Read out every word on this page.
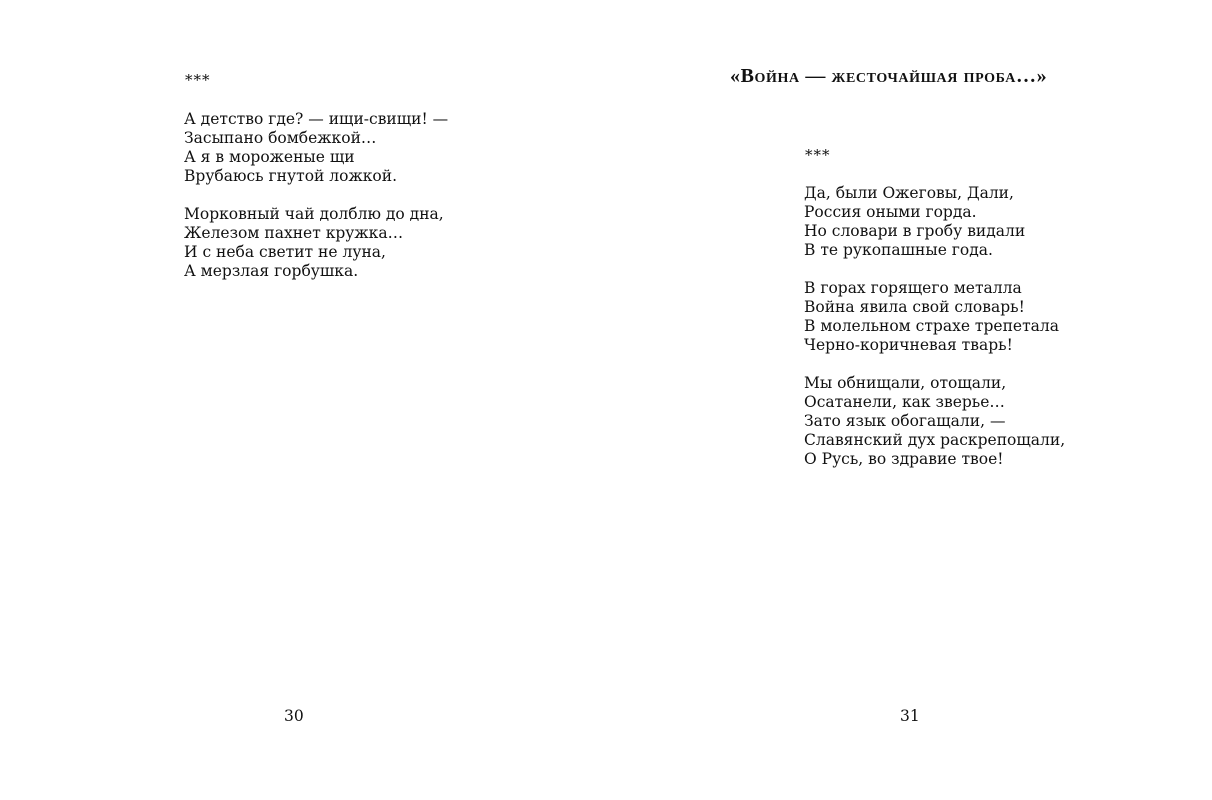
***
А детство где? — ищи-свищи! —
Засыпано бомбежкой…
А я в мороженые щи
Врубаюсь гнутой ложкой.
Морковный чай долблю до дна,
Железом пахнет кружка…
И с неба светит не луна,
А мерзлая горбушка.
30
«Война — жесточайшая проба…»
***
Да, были Ожеговы, Дали,
Россия оными горда.
Но словари в гробу видали
В те рукопашные года.
В горах горящего металла
Война явила свой словарь!
В молельном страхе трепетала
Черно-коричневая тварь!
Мы обнищали, отощали,
Осатанели, как зверье…
Зато язык обогащали, —
Славянский дух раскрепощали,
О Русь, во здравие твое!
31
